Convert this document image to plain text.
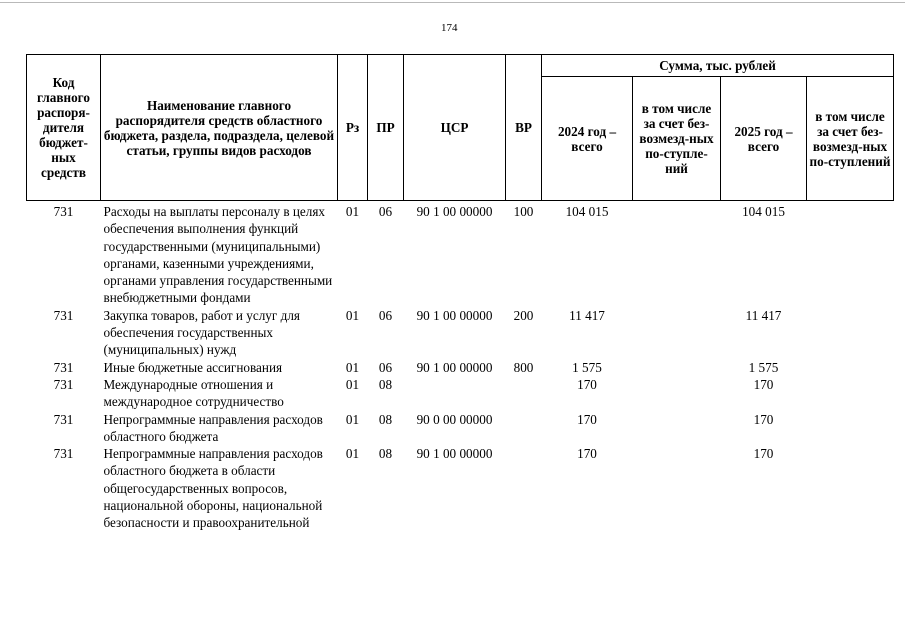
174
Код главного распоря-дителя бюджет-ных средств	Наименование главного распорядителя средств областного бюджета, раздела, подраздела, целевой статьи, группы видов расходов	Рз	ПР	ЦСР	ВР	Сумма, тыс. рублей			
						2024 год – всего	в том числе за счет без-возмезд-ных по-ступле-ний	2025 год – всего	в том числе за счет без-возмезд-ных по-ступлений
731	Расходы на выплаты персоналу в целях обеспечения выполнения функций государственными (муниципальными) органами, казенными учреждениями, органами управления государственными внебюджетными фондами	01	06	90 1 00 00000	100	104 015		104 015	
731	Закупка товаров, работ и услуг для обеспечения государственных (муниципальных) нужд	01	06	90 1 00 00000	200	11 417		11 417	
731	Иные бюджетные ассигнования	01	06	90 1 00 00000	800	1 575		1 575	
731	Международные отношения и международное сотрудничество	01	08			170		170	
731	Непрограммные направления расходов областного бюджета	01	08	90 0 00 00000		170		170	
731	Непрограммные направления расходов областного бюджета в области общегосударственных вопросов, национальной обороны, национальной безопасности и правоохранительной	01	08	90 1 00 00000		170		170	
